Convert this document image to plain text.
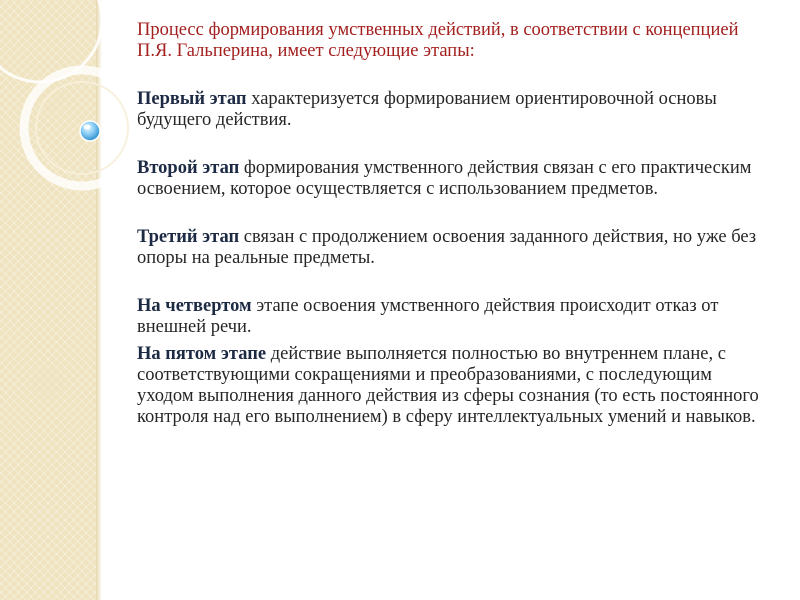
Процесс формирования умственных действий, в соответствии с концепцией П.Я. Гальперина, имеет следующие этапы:

Первый этап характеризуется формированием ориентировочной основы будущего действия.

Второй этап формирования умственного действия связан с его практическим освоением, которое осуществляется с использованием предметов.

Третий этап связан с продолжением освоения заданного действия, но уже без опоры на реальные предметы.

На четвертом этапе освоения умственного действия происходит отказ от внешней речи.

На пятом этапе действие выполняется полностью во внутреннем плане, с соответствующими сокращениями и преобразованиями, с последующим уходом выполнения данного действия из сферы сознания (то есть постоянного контроля над его выполнением) в сферу интеллектуальных умений и навыков.
